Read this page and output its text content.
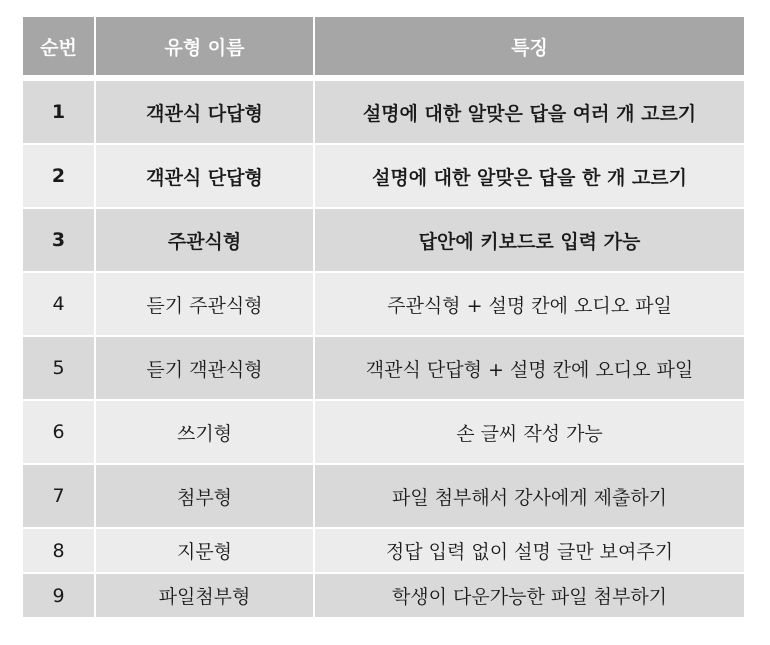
순번	유형 이름	특징
1	객관식 다답형	설명에 대한 알맞은 답을 여러 개 고르기
2	객관식 단답형	설명에 대한 알맞은 답을 한 개 고르기
3	주관식형	답안에 키보드로 입력 가능
4	듣기 주관식형	주관식형 + 설명 칸에 오디오 파일
5	듣기 객관식형	객관식 단답형 + 설명 칸에 오디오 파일
6	쓰기형	손 글씨 작성 가능
7	첨부형	파일 첨부해서 강사에게 제출하기
8	지문형	정답 입력 없이 설명 글만 보여주기
9	파일첨부형	학생이 다운가능한 파일 첨부하기
